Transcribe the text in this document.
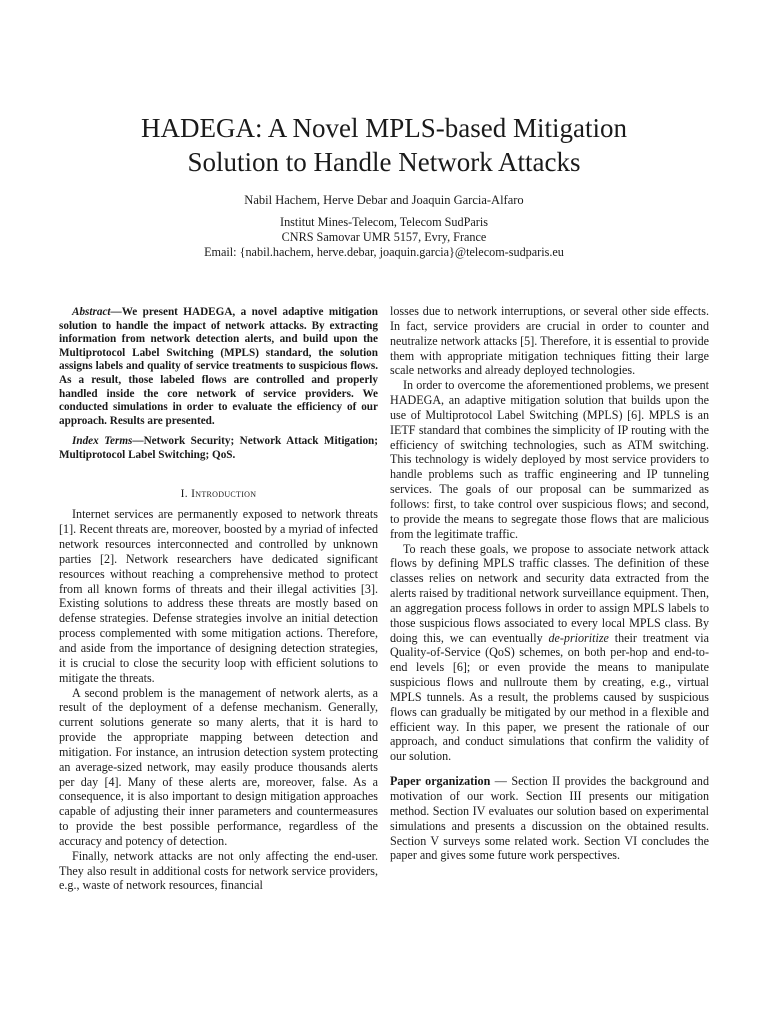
HADEGA: A Novel MPLS-based Mitigation
Solution to Handle Network Attacks
Nabil Hachem, Herve Debar and Joaquin Garcia-Alfaro
Institut Mines-Telecom, Telecom SudParis
CNRS Samovar UMR 5157, Evry, France
Email: {nabil.hachem, herve.debar, joaquin.garcia}@telecom-sudparis.eu

Abstract—We present HADEGA, a novel adaptive mitigation solution to handle the impact of network attacks. By extracting information from network detection alerts, and build upon the Multiprotocol Label Switching (MPLS) standard, the solution assigns labels and quality of service treatments to suspicious flows. As a result, those labeled flows are controlled and properly handled inside the core network of service providers. We conducted simulations in order to evaluate the efficiency of our approach. Results are presented.

Index Terms—Network Security; Network Attack Mitigation; Multiprotocol Label Switching; QoS.

I. Introduction

Internet services are permanently exposed to network threats [1]. Recent threats are, moreover, boosted by a myriad of infected network resources interconnected and controlled by unknown parties [2]. Network researchers have dedicated significant resources without reaching a comprehensive method to protect from all known forms of threats and their illegal activities [3]. Existing solutions to address these threats are mostly based on defense strategies. Defense strategies involve an initial detection process complemented with some mitigation actions. Therefore, and aside from the importance of designing detection strategies, it is crucial to close the security loop with efficient solutions to mitigate the threats.

A second problem is the management of network alerts, as a result of the deployment of a defense mechanism. Generally, current solutions generate so many alerts, that it is hard to provide the appropriate mapping between detection and mitigation. For instance, an intrusion detection system protecting an average-sized network, may easily produce thousands alerts per day [4]. Many of these alerts are, moreover, false. As a consequence, it is also important to design mitigation approaches capable of adjusting their inner parameters and countermeasures to provide the best possible performance, regardless of the accuracy and potency of detection.

Finally, network attacks are not only affecting the end-user. They also result in additional costs for network service providers, e.g., waste of network resources, financial

losses due to network interruptions, or several other side effects. In fact, service providers are crucial in order to counter and neutralize network attacks [5]. Therefore, it is essential to provide them with appropriate mitigation techniques fitting their large scale networks and already deployed technologies.

In order to overcome the aforementioned problems, we present HADEGA, an adaptive mitigation solution that builds upon the use of Multiprotocol Label Switching (MPLS) [6]. MPLS is an IETF standard that combines the simplicity of IP routing with the efficiency of switching technologies, such as ATM switching. This technology is widely deployed by most service providers to handle problems such as traffic engineering and IP tunneling services. The goals of our proposal can be summarized as follows: first, to take control over suspicious flows; and second, to provide the means to segregate those flows that are malicious from the legitimate traffic.

To reach these goals, we propose to associate network attack flows by defining MPLS traffic classes. The definition of these classes relies on network and security data extracted from the alerts raised by traditional network surveillance equipment. Then, an aggregation process follows in order to assign MPLS labels to those suspicious flows associated to every local MPLS class. By doing this, we can eventually de-prioritize their treatment via Quality-of-Service (QoS) schemes, on both per-hop and end-to-end levels [6]; or even provide the means to manipulate suspicious flows and nullroute them by creating, e.g., virtual MPLS tunnels. As a result, the problems caused by suspicious flows can gradually be mitigated by our method in a flexible and efficient way. In this paper, we present the rationale of our approach, and conduct simulations that confirm the validity of our solution.

Paper organization — Section II provides the background and motivation of our work. Section III presents our mitigation method. Section IV evaluates our solution based on experimental simulations and presents a discussion on the obtained results. Section V surveys some related work. Section VI concludes the paper and gives some future work perspectives.
